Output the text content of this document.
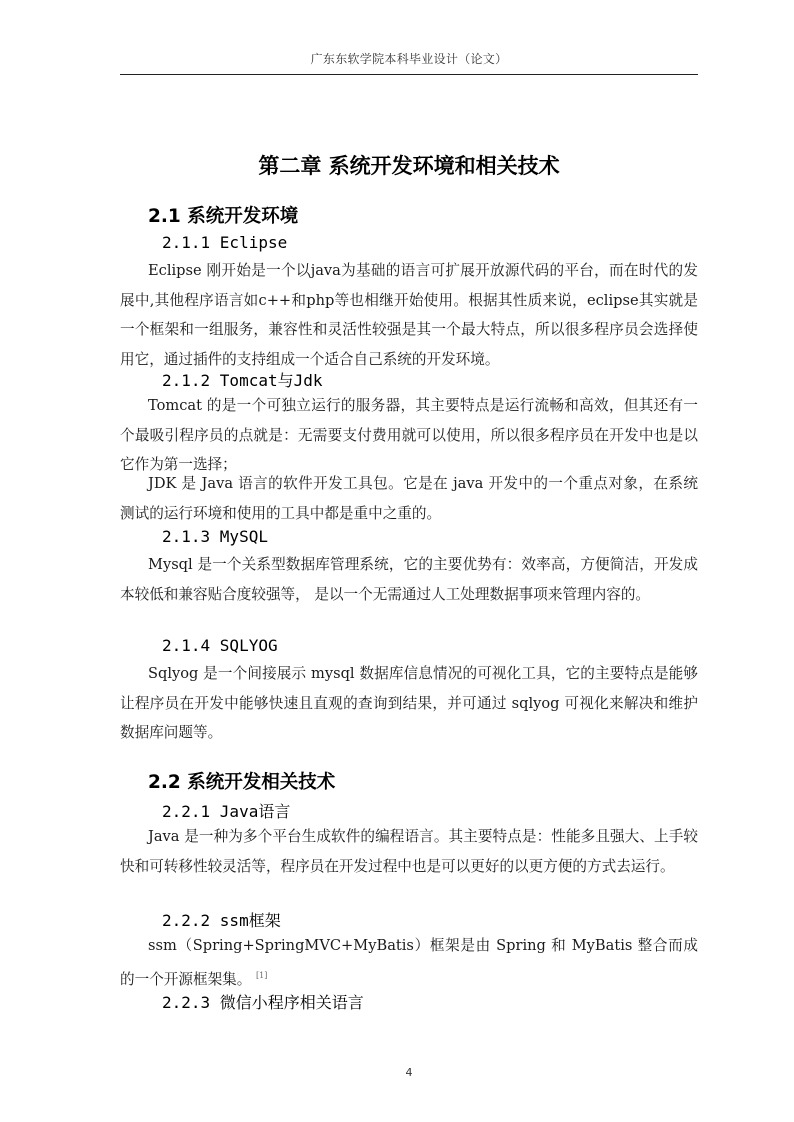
广东东软学院本科毕业设计（论文）
第二章 系统开发环境和相关技术
2.1 系统开发环境
2.1.1 Eclipse
Eclipse 刚开始是一个以java为基础的语言可扩展开放源代码的平台，而在时代的发展中,其他程序语言如c++和php等也相继开始使用。根据其性质来说，eclipse其实就是一个框架和一组服务，兼容性和灵活性较强是其一个最大特点，所以很多程序员会选择使用它，通过插件的支持组成一个适合自己系统的开发环境。
2.1.2 Tomcat与Jdk
Tomcat 的是一个可独立运行的服务器，其主要特点是运行流畅和高效，但其还有一个最吸引程序员的点就是：无需要支付费用就可以使用，所以很多程序员在开发中也是以它作为第一选择；
JDK 是 Java 语言的软件开发工具包。它是在 java 开发中的一个重点对象，在系统测试的运行环境和使用的工具中都是重中之重的。
2.1.3 MySQL
Mysql 是一个关系型数据库管理系统，它的主要优势有：效率高，方便简洁，开发成本较低和兼容贴合度较强等， 是以一个无需通过人工处理数据事项来管理内容的。
2.1.4 SQLYOG
Sqlyog 是一个间接展示 mysql 数据库信息情况的可视化工具，它的主要特点是能够让程序员在开发中能够快速且直观的查询到结果，并可通过 sqlyog 可视化来解决和维护数据库问题等。
2.2 系统开发相关技术
2.2.1 Java语言
Java 是一种为多个平台生成软件的编程语言。其主要特点是：性能多且强大、上手较快和可转移性较灵活等，程序员在开发过程中也是可以更好的以更方便的方式去运行。
2.2.2 ssm框架
ssm（Spring+SpringMVC+MyBatis）框架是由 Spring 和 MyBatis 整合而成的一个开源框架集。 [1]
2.2.3 微信小程序相关语言
4
